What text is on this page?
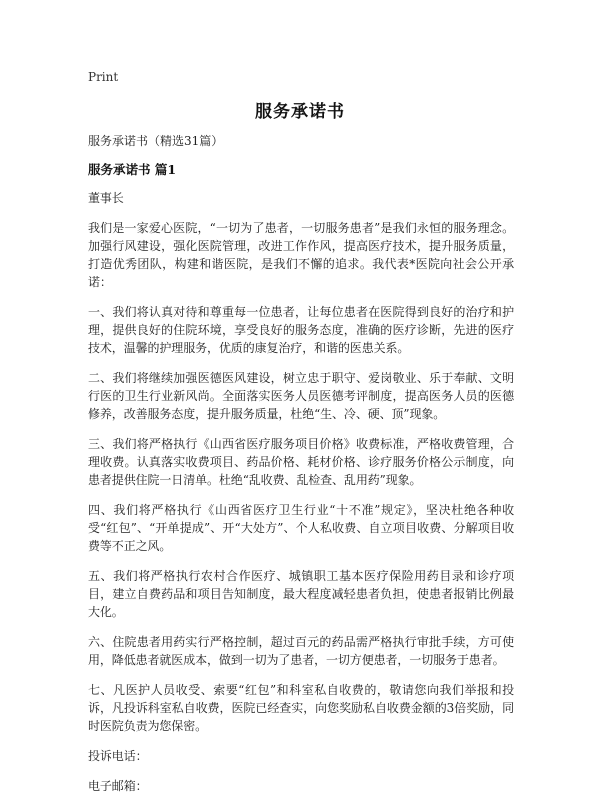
Print
服务承诺书

服务承诺书（精选31篇）

服务承诺书 篇1

董事长

我们是一家爱心医院，“一切为了患者，一切服务患者”是我们永恒的服务理念。加强行风建设，强化医院管理，改进工作作风，提高医疗技术，提升服务质量，打造优秀团队，构建和谐医院，是我们不懈的追求。我代表*医院向社会公开承诺：

一、我们将认真对待和尊重每一位患者，让每位患者在医院得到良好的治疗和护理，提供良好的住院环境，享受良好的服务态度，准确的医疗诊断，先进的医疗技术，温馨的护理服务，优质的康复治疗，和谐的医患关系。

二、我们将继续加强医德医风建设，树立忠于职守、爱岗敬业、乐于奉献、文明行医的卫生行业新风尚。全面落实医务人员医德考评制度，提高医务人员的医德修养，改善服务态度，提升服务质量，杜绝“生、冷、硬、顶”现象。

三、我们将严格执行《山西省医疗服务项目价格》收费标准，严格收费管理，合理收费。认真落实收费项目、药品价格、耗材价格、诊疗服务价格公示制度，向患者提供住院一日清单。杜绝“乱收费、乱检查、乱用药”现象。

四、我们将严格执行《山西省医疗卫生行业“十不准”规定》，坚决杜绝各种收受“红包”、“开单提成”、开“大处方”、个人私收费、自立项目收费、分解项目收费等不正之风。

五、我们将严格执行农村合作医疗、城镇职工基本医疗保险用药目录和诊疗项目，建立自费药品和项目告知制度，最大程度减轻患者负担，使患者报销比例最大化。

六、住院患者用药实行严格控制，超过百元的药品需严格执行审批手续，方可使用，降低患者就医成本，做到一切为了患者，一切方便患者，一切服务于患者。

七、凡医护人员收受、索要“红包”和科室私自收费的，敬请您向我们举报和投诉，凡投诉科室私自收费，医院已经查实，向您奖励私自收费金额的3倍奖励，同时医院负责为您保密。

投诉电话：

电子邮箱：
